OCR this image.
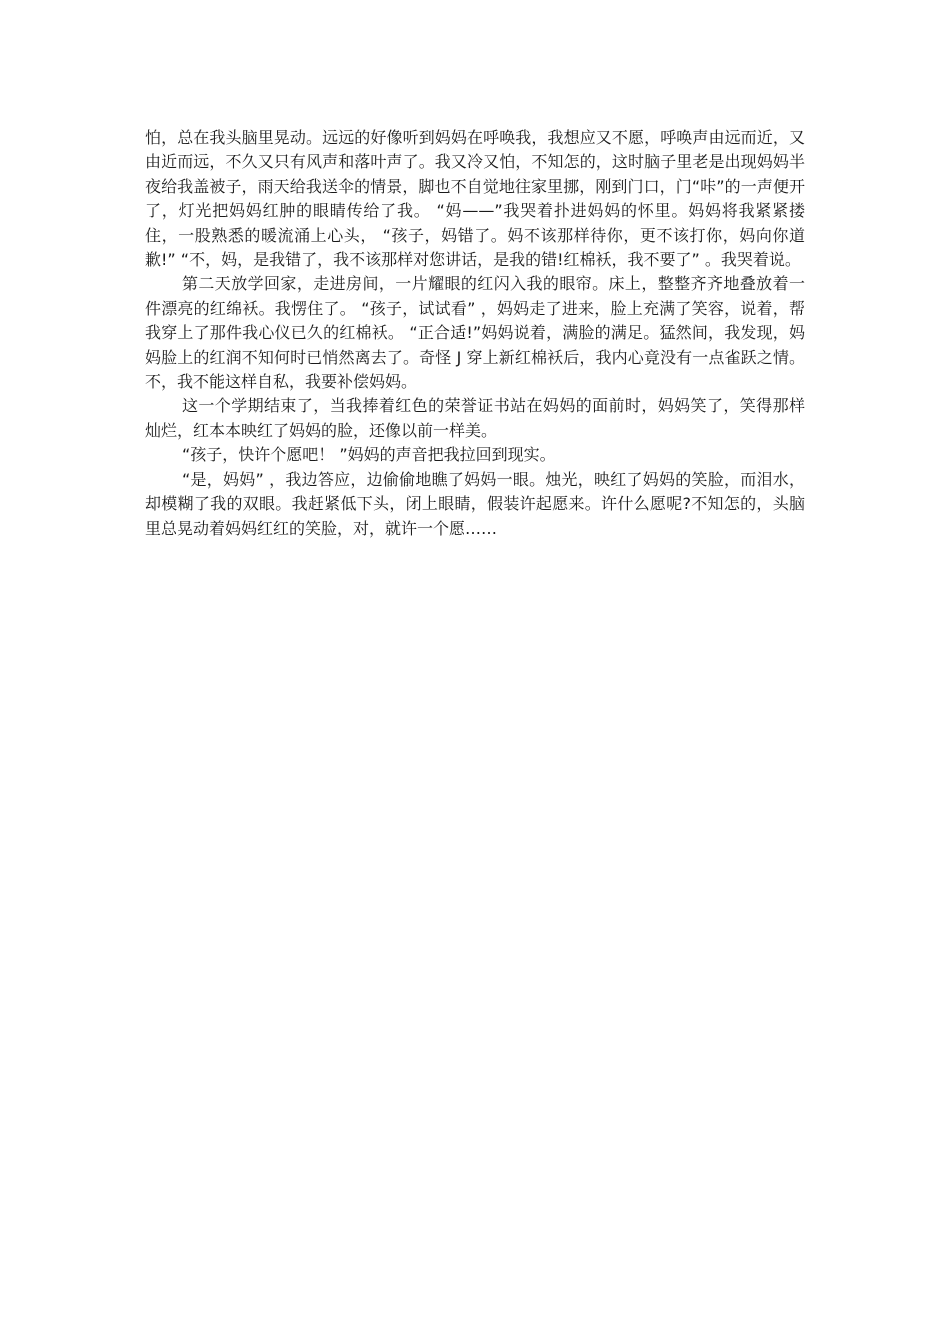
怕，总在我头脑里晃动。远远的好像听到妈妈在呼唤我，我想应又不愿，呼唤声由远而近，又由近而远，不久又只有风声和落叶声了。我又冷又怕，不知怎的，这时脑子里老是出现妈妈半夜给我盖被子，雨天给我送伞的情景，脚也不自觉地往家里挪，刚到门口，门“咔”的一声便开了，灯光把妈妈红肿的眼睛传给了我。 “妈——”我哭着扑进妈妈的怀里。妈妈将我紧紧搂住，一股熟悉的暖流涌上心头， “孩子，妈错了。妈不该那样待你，更不该打你，妈向你道歉!” “不，妈，是我错了，我不该那样对您讲话，是我的错!红棉袄，我不要了” 。我哭着说。

第二天放学回家，走进房间，一片耀眼的红闪入我的眼帘。床上，整整齐齐地叠放着一件漂亮的红绵袄。我愣住了。 “孩子，试试看” ，妈妈走了进来，脸上充满了笑容，说着，帮我穿上了那件我心仪已久的红棉袄。 “正合适!”妈妈说着，满脸的满足。猛然间，我发现，妈妈脸上的红润不知何时已悄然离去了。奇怪 J 穿上新红棉袄后，我内心竟没有一点雀跃之情。不，我不能这样自私，我要补偿妈妈。

这一个学期结束了，当我捧着红色的荣誉证书站在妈妈的面前时，妈妈笑了，笑得那样灿烂，红本本映红了妈妈的脸，还像以前一样美。

“孩子，快许个愿吧！ ”妈妈的声音把我拉回到现实。

“是，妈妈” ，我边答应，边偷偷地瞧了妈妈一眼。烛光，映红了妈妈的笑脸，而泪水，却模糊了我的双眼。我赶紧低下头，闭上眼睛，假装许起愿来。许什么愿呢?不知怎的，头脑里总晃动着妈妈红红的笑脸，对，就许一个愿……
